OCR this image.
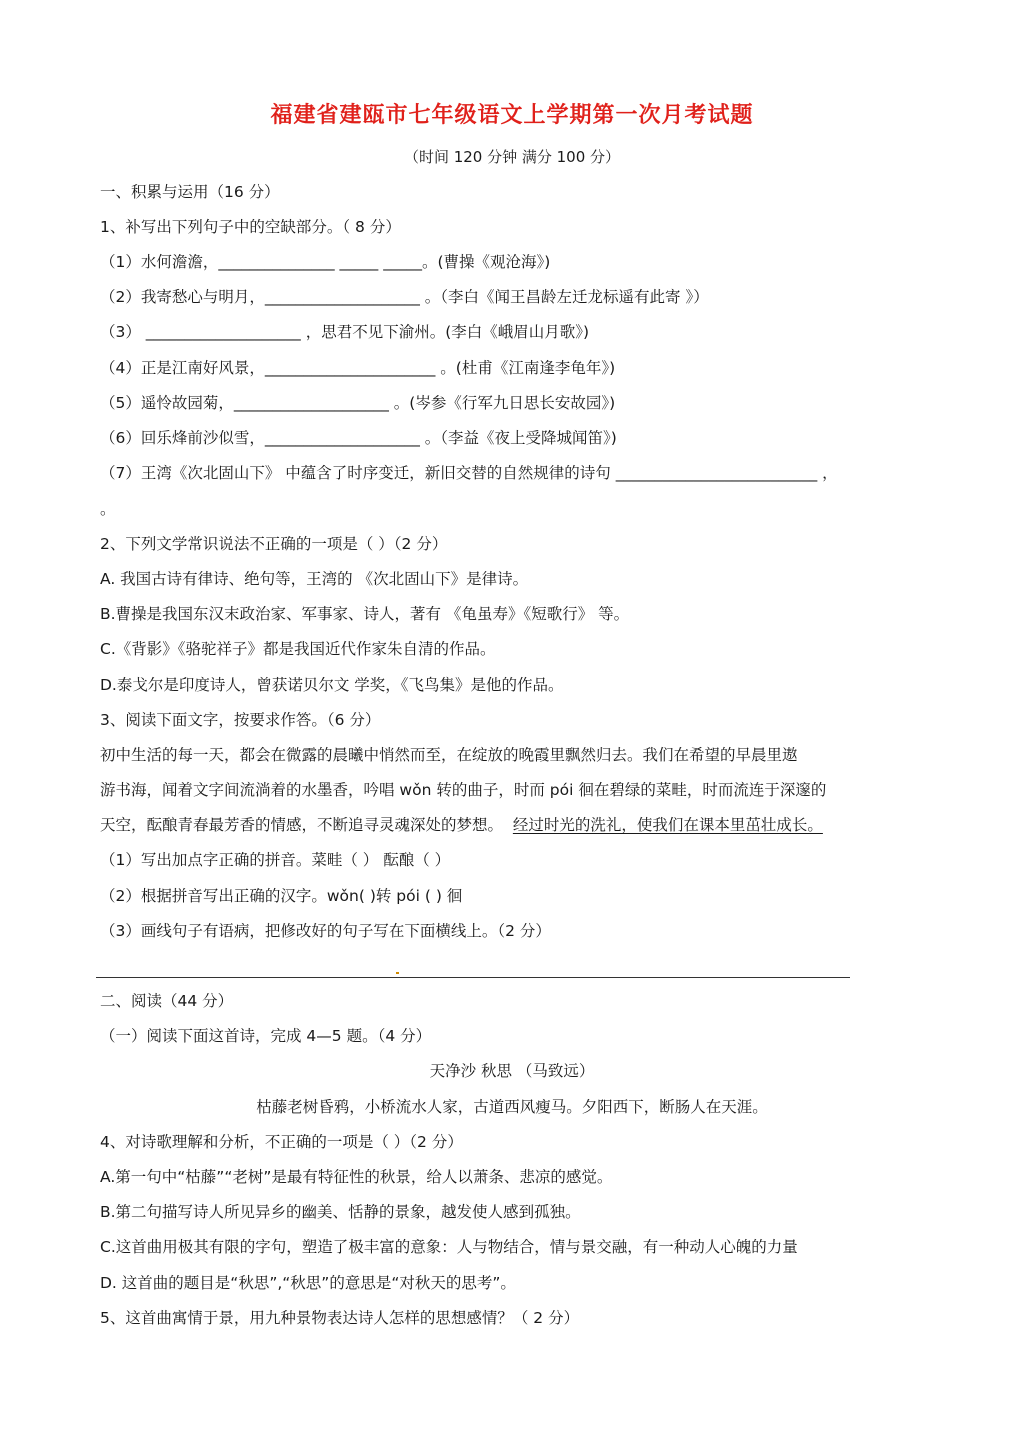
福建省建瓯市七年级语文上学期第一次月考试题
（时间 120 分钟 满分 100 分）
一、积累与运用（16 分）
1、补写出下列句子中的空缺部分。（ 8 分）
（1）水何澹澹，_______________ _____ _____。(曹操《观沧海》)
（2）我寄愁心与明月，____________________ 。（李白《闻王昌龄左迁龙标遥有此寄 》）
（3） ____________________ ，思君不见下渝州。(李白《峨眉山月歌》)
（4）正是江南好风景，______________________ 。(杜甫《江南逢李龟年》)
（5）遥怜故园菊，____________________ 。(岑参《行军九日思长安故园》)
（6）回乐烽前沙似雪，____________________ 。（李益《夜上受降城闻笛》)
（7）王湾《次北固山下》 中蕴含了时序变迁，新旧交替的自然规律的诗句 __________________________ ，
。
2、下列文学常识说法不正确的一项是（ ）（2 分）
A. 我国古诗有律诗、绝句等，王湾的 《次北固山下》是律诗。
B.曹操是我国东汉末政治家、军事家、诗人，著有 《龟虽寿》《短歌行》 等。
C.《背影》《骆驼祥子》都是我国近代作家朱自清的作品。
D.泰戈尔是印度诗人，曾获诺贝尔文 学奖，《飞鸟集》是他的作品。
3、阅读下面文字，按要求作答。（6 分）
初中生活的每一天，都会在微露的晨曦中悄然而至，在绽放的晚霞里飘然归去。我们在希望的早晨里遨
游书海，闻着文字间流淌着的水墨香，吟唱 wǒn 转的曲子，时而 pói 徊在碧绿的菜畦，时而流连于深邃的
天空，酝酿青春最芳香的情感，不断追寻灵魂深处的梦想。 经过时光的洗礼，使我们在课本里茁壮成长。
（1）写出加点字正确的拼音。菜畦（ ） 酝酿（ ）
（2）根据拼音写出正确的汉字。wǒn( )转 pói ( ) 徊
（3）画线句子有语病，把修改好的句子写在下面横线上。（2 分）
二、阅读（44 分）
（一）阅读下面这首诗，完成 4—5 题。（4 分）
天净沙 秋思 （马致远）
枯藤老树昏鸦，小桥流水人家，古道西风瘦马。夕阳西下，断肠人在天涯。
4、对诗歌理解和分析，不正确的一项是（ ）（2 分）
A.第一句中“枯藤”“老树”是最有特征性的秋景，给人以萧条、悲凉的感觉。
B.第二句描写诗人所见异乡的幽美、恬静的景象，越发使人感到孤独。
C.这首曲用极其有限的字句，塑造了极丰富的意象：人与物结合，情与景交融，有一种动人心魄的力量
D. 这首曲的题目是“秋思”,“秋思”的意思是“对秋天的思考”。
5、这首曲寓情于景，用九种景物表达诗人怎样的思想感情？（ 2 分）
